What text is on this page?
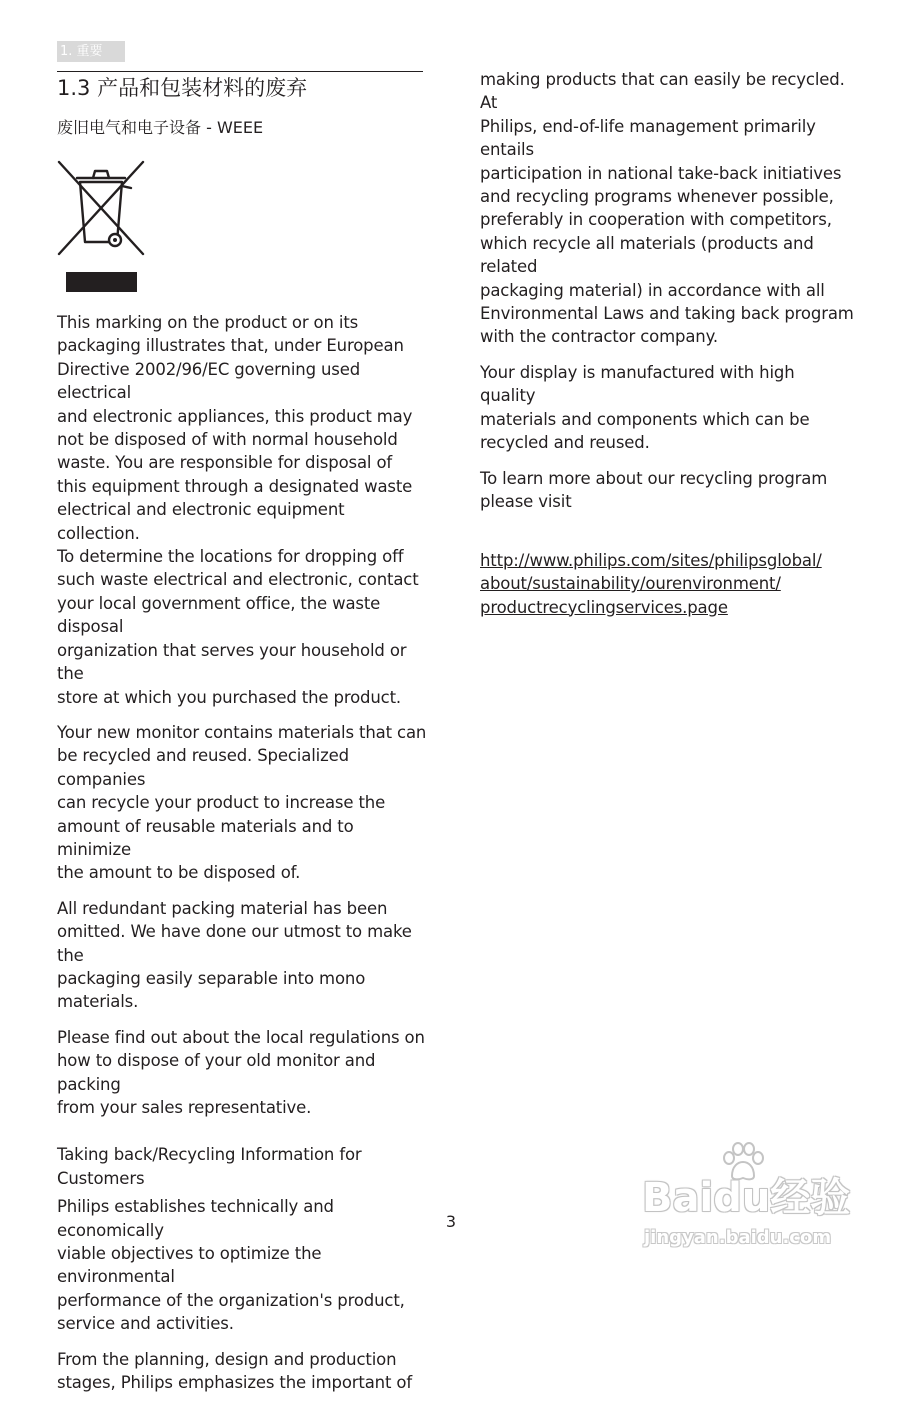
1. 重要
1.3 产品和包装材料的废弃
废旧电气和电子设备 - WEEE

This marking on the product or on its
packaging illustrates that, under European
Directive 2002/96/EC governing used electrical
and electronic appliances, this product may
not be disposed of with normal household
waste. You are responsible for disposal of
this equipment through a designated waste
electrical and electronic equipment collection.
To determine the locations for dropping off
such waste electrical and electronic, contact
your local government office, the waste disposal
organization that serves your household or the
store at which you purchased the product.

Your new monitor contains materials that can
be recycled and reused. Specialized companies
can recycle your product to increase the
amount of reusable materials and to minimize
the amount to be disposed of.

All redundant packing material has been
omitted. We have done our utmost to make the
packaging easily separable into mono materials.

Please find out about the local regulations on
how to dispose of your old monitor and packing
from your sales representative.

Taking back/Recycling Information for
Customers

Philips establishes technically and economically
viable objectives to optimize the environmental
performance of the organization's product,
service and activities.

From the planning, design and production
stages, Philips emphasizes the important of

making products that can easily be recycled. At
Philips, end-of-life management primarily entails
participation in national take-back initiatives
and recycling programs whenever possible,
preferably in cooperation with competitors,
which recycle all materials (products and related
packaging material) in accordance with all
Environmental Laws and taking back program
with the contractor company.

Your display is manufactured with high quality
materials and components which can be
recycled and reused.

To learn more about our recycling program
please visit

http://www.philips.com/sites/philipsglobal/
about/sustainability/ourenvironment/
productrecyclingservices.page

3
Baidu经验
jingyan.baidu.com
